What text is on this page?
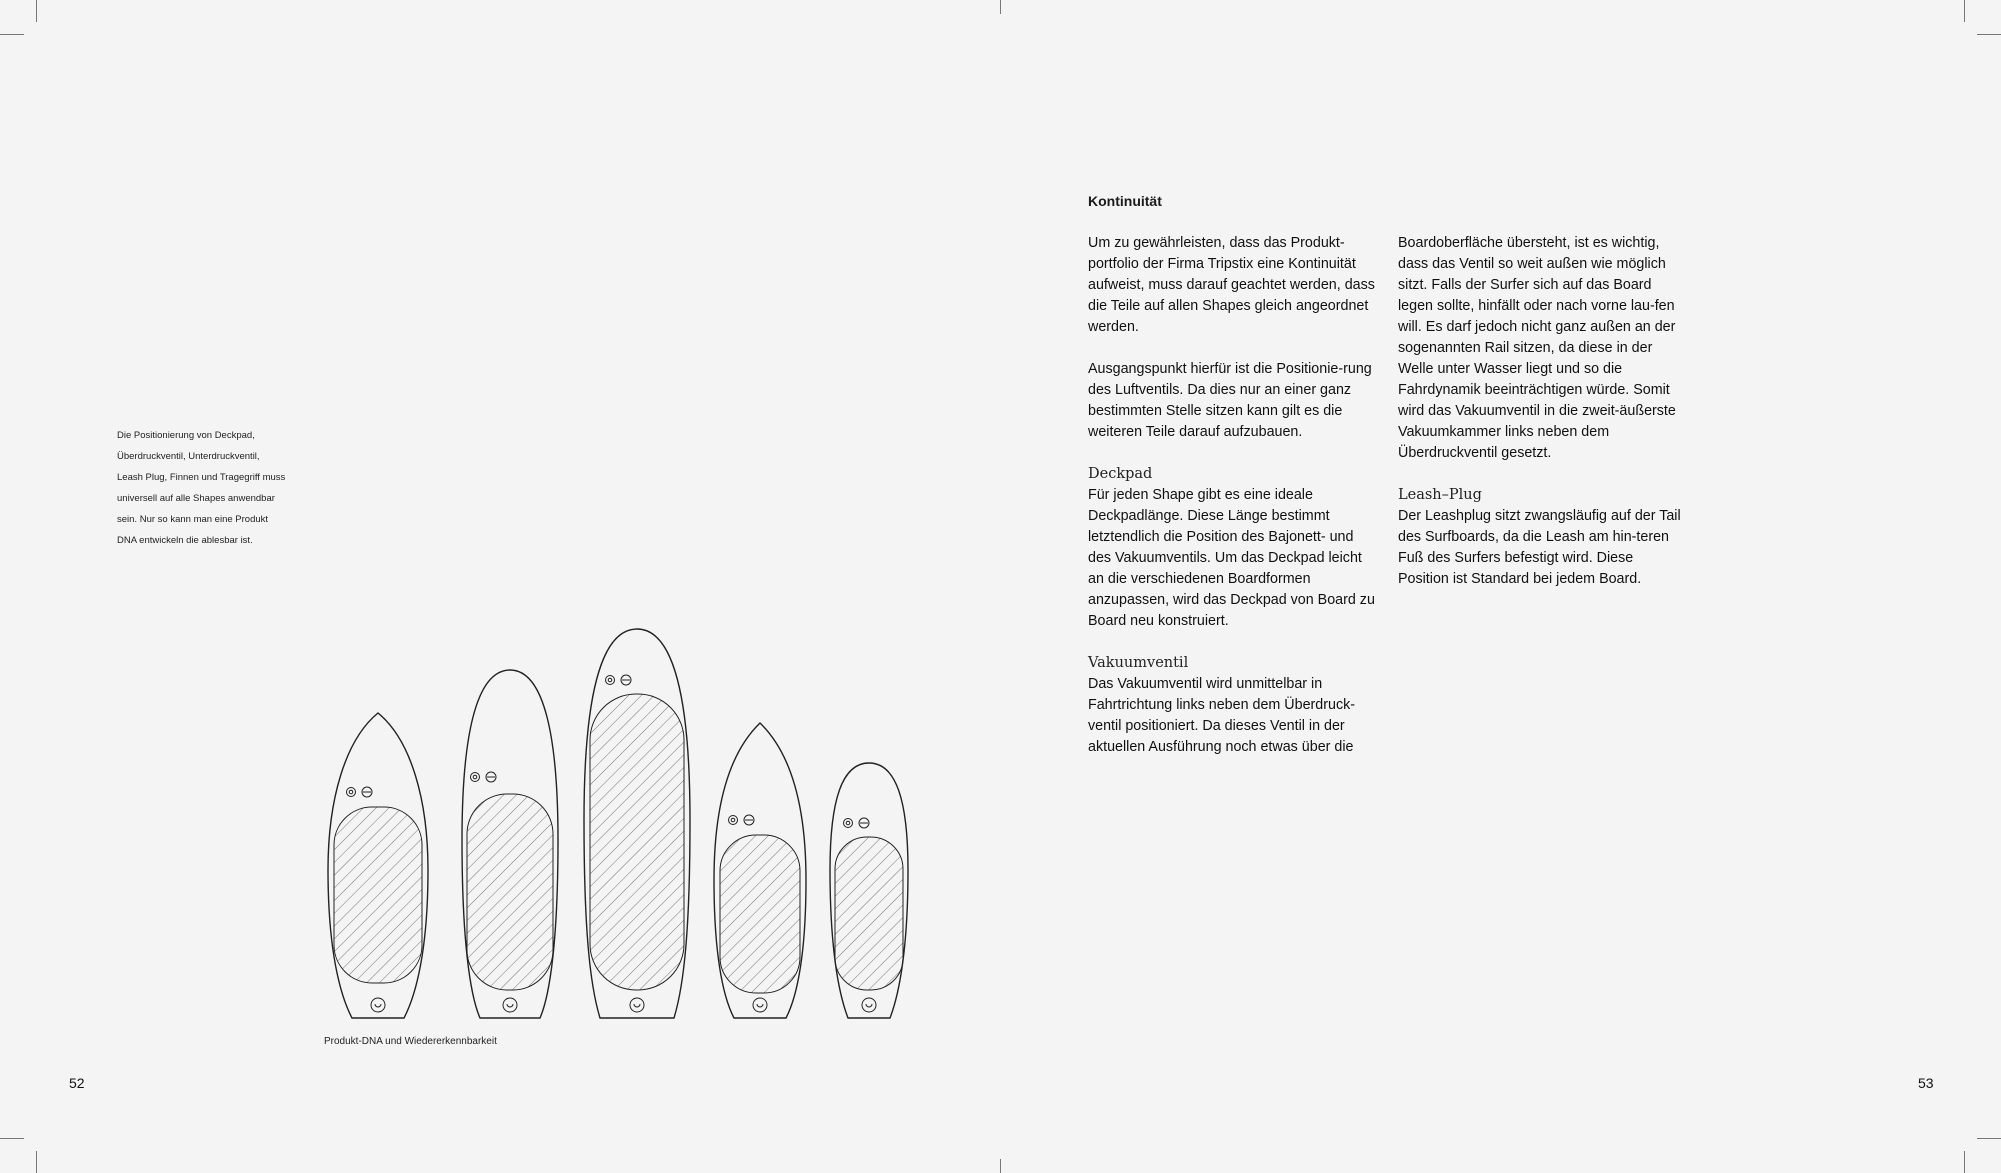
Die Positionierung von Deckpad,
Überdruckventil, Unterdruckventil,
Leash Plug, Finnen und Tragegriff muss
universell auf alle Shapes anwendbar
sein. Nur so kann man eine Produkt
DNA entwickeln die ablesbar ist.
Produkt-DNA und Wiedererkennbarkeit
52
Kontinuität

Um zu gewährleisten, dass das Produkt-portfolio der Firma Tripstix eine Kontinuität aufweist, muss darauf geachtet werden, dass die Teile auf allen Shapes gleich angeordnet werden.

Ausgangspunkt hierfür ist die Positionie-rung des Luftventils. Da dies nur an einer ganz bestimmten Stelle sitzen kann gilt es die weiteren Teile darauf aufzubauen.

Deckpad
Für jeden Shape gibt es eine ideale Deckpadlänge. Diese Länge bestimmt letztendlich die Position des Bajonett- und des Vakuumventils. Um das Deckpad leicht an die verschiedenen Boardformen anzupassen, wird das Deckpad von Board zu Board neu konstruiert.
Vakuumventil
Das Vakuumventil wird unmittelbar in Fahrtrichtung links neben dem Überdruck-ventil positioniert. Da dieses Ventil in der aktuellen Ausführung noch etwas über die

Boardoberfläche übersteht, ist es wichtig, dass das Ventil so weit außen wie möglich sitzt. Falls der Surfer sich auf das Board legen sollte, hinfällt oder nach vorne lau-fen will. Es darf jedoch nicht ganz außen an der sogenannten Rail sitzen, da diese in der Welle unter Wasser liegt und so die Fahrdynamik beeinträchtigen würde. Somit wird das Vakuumventil in die zweit-äußerste Vakuumkammer links neben dem Überdruckventil gesetzt.

Leash–Plug
Der Leashplug sitzt zwangsläufig auf der Tail des Surfboards, da die Leash am hin-teren Fuß des Surfers befestigt wird. Diese Position ist Standard bei jedem Board.
53
